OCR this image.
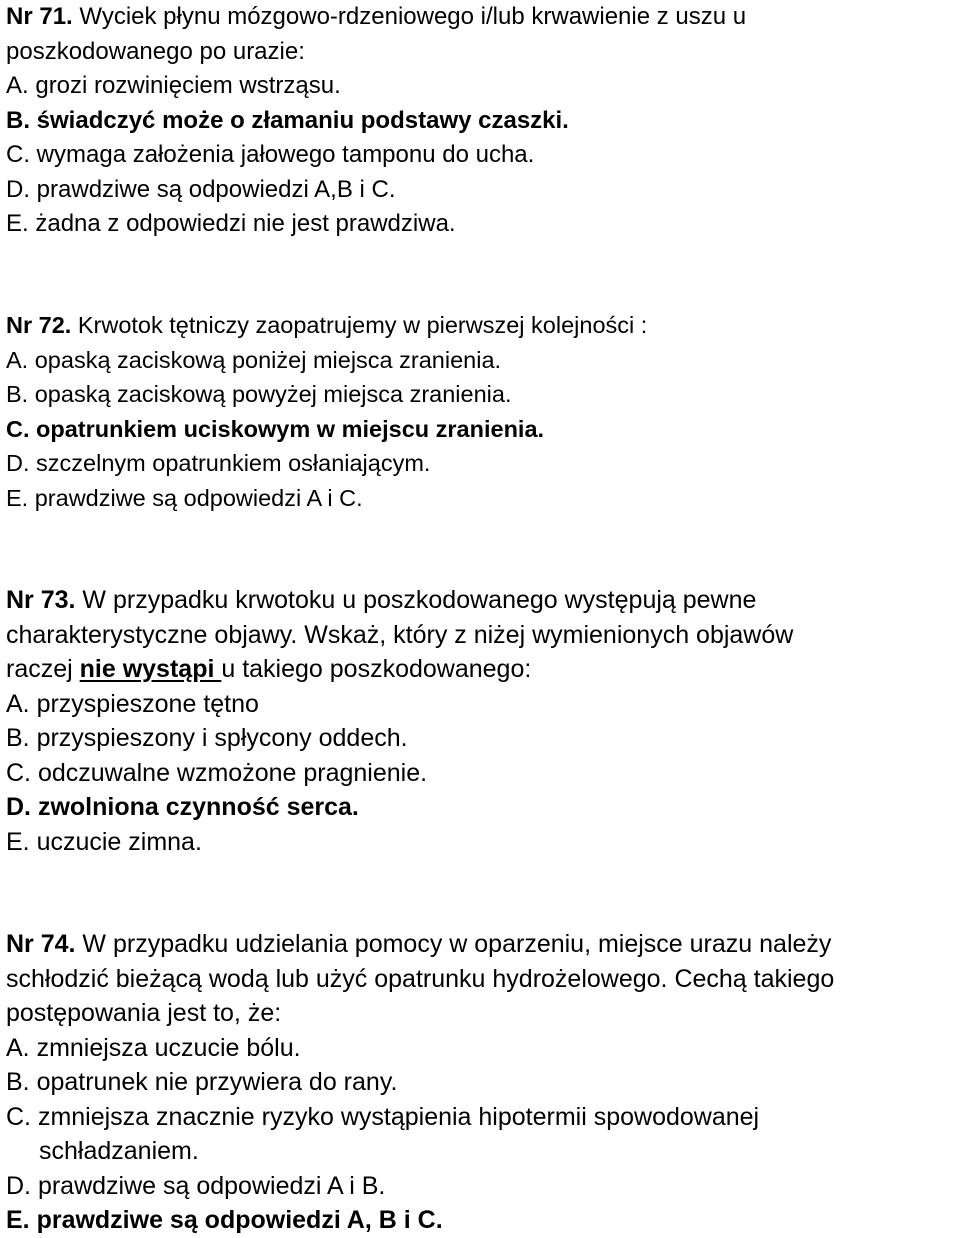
Nr 71. Wyciek płynu mózgowo-rdzeniowego i/lub krwawienie z uszu u
poszkodowanego po urazie:
A. grozi rozwinięciem wstrząsu.
B. świadczyć może o złamaniu podstawy czaszki.
C. wymaga założenia jałowego tamponu do ucha.
D. prawdziwe są odpowiedzi A,B i C.
E. żadna z odpowiedzi nie jest prawdziwa.
Nr 72. Krwotok tętniczy zaopatrujemy w pierwszej kolejności :
A. opaską zaciskową poniżej miejsca zranienia.
B. opaską zaciskową powyżej miejsca zranienia.
C. opatrunkiem uciskowym w miejscu zranienia.
D. szczelnym opatrunkiem osłaniającym.
E. prawdziwe są odpowiedzi A i C.
Nr 73. W przypadku krwotoku u poszkodowanego występują pewne
charakterystyczne objawy. Wskaż, który z niżej wymienionych objawów
raczej nie wystąpi u takiego poszkodowanego:
A. przyspieszone tętno
B. przyspieszony i spłycony oddech.
C. odczuwalne wzmożone pragnienie.
D. zwolniona czynność serca.
E. uczucie zimna.
Nr 74. W przypadku udzielania pomocy w oparzeniu, miejsce urazu należy
schłodzić bieżącą wodą lub użyć opatrunku hydrożelowego. Cechą takiego
postępowania jest to, że:
A. zmniejsza uczucie bólu.
B. opatrunek nie przywiera do rany.
C. zmniejsza znacznie ryzyko wystąpienia hipotermii spowodowanej
schładzaniem.
D. prawdziwe są odpowiedzi A i B.
E. prawdziwe są odpowiedzi A, B i C.
